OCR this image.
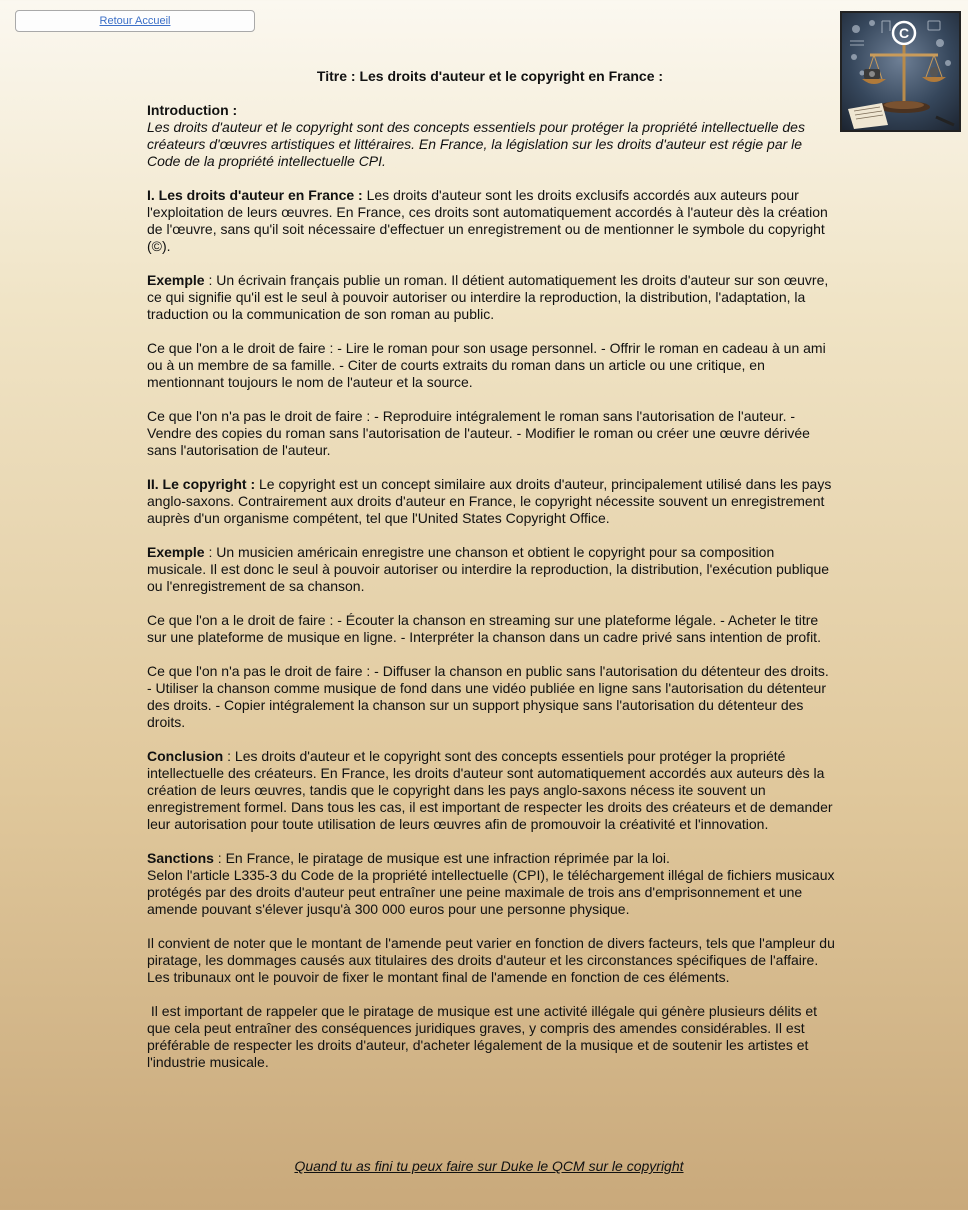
Retour Accueil
C
Titre : Les droits d'auteur et le copyright en France :

Introduction :
Les droits d'auteur et le copyright sont des concepts essentiels pour protéger la propriété intellectuelle des créateurs d'œuvres artistiques et littéraires. En France, la législation sur les droits d'auteur est régie par le Code de la propriété intellectuelle CPI.

I. Les droits d'auteur en France : Les droits d'auteur sont les droits exclusifs accordés aux auteurs pour l'exploitation de leurs œuvres. En France, ces droits sont automatiquement accordés à l'auteur dès la création de l'œuvre, sans qu'il soit nécessaire d'effectuer un enregistrement ou de mentionner le symbole du copyright (©).

Exemple : Un écrivain français publie un roman. Il détient automatiquement les droits d'auteur sur son œuvre, ce qui signifie qu'il est le seul à pouvoir autoriser ou interdire la reproduction, la distribution, l'adaptation, la traduction ou la communication de son roman au public.

Ce que l'on a le droit de faire : - Lire le roman pour son usage personnel. - Offrir le roman en cadeau à un ami ou à un membre de sa famille. - Citer de courts extraits du roman dans un article ou une critique, en mentionnant toujours le nom de l'auteur et la source.

Ce que l'on n'a pas le droit de faire : - Reproduire intégralement le roman sans l'autorisation de l'auteur. - Vendre des copies du roman sans l'autorisation de l'auteur. - Modifier le roman ou créer une œuvre dérivée sans l'autorisation de l'auteur.

II. Le copyright : Le copyright est un concept similaire aux droits d'auteur, principalement utilisé dans les pays anglo-saxons. Contrairement aux droits d'auteur en France, le copyright nécessite souvent un enregistrement auprès d'un organisme compétent, tel que l'United States Copyright Office.

Exemple : Un musicien américain enregistre une chanson et obtient le copyright pour sa composition musicale. Il est donc le seul à pouvoir autoriser ou interdire la reproduction, la distribution, l'exécution publique ou l'enregistrement de sa chanson.

Ce que l'on a le droit de faire : - Écouter la chanson en streaming sur une plateforme légale. - Acheter le titre sur une plateforme de musique en ligne. - Interpréter la chanson dans un cadre privé sans intention de profit.

Ce que l'on n'a pas le droit de faire : - Diffuser la chanson en public sans l'autorisation du détenteur des droits. - Utiliser la chanson comme musique de fond dans une vidéo publiée en ligne sans l'autorisation du détenteur des droits. - Copier intégralement la chanson sur un support physique sans l'autorisation du détenteur des droits.

Conclusion : Les droits d'auteur et le copyright sont des concepts essentiels pour protéger la propriété intellectuelle des créateurs. En France, les droits d'auteur sont automatiquement accordés aux auteurs dès la création de leurs œuvres, tandis que le copyright dans les pays anglo-saxons nécess ite souvent un enregistrement formel. Dans tous les cas, il est important de respecter les droits des créateurs et de demander leur autorisation pour toute utilisation de leurs œuvres afin de promouvoir la créativité et l'innovation.

Sanctions : En France, le piratage de musique est une infraction réprimée par la loi.
Selon l'article L335-3 du Code de la propriété intellectuelle (CPI), le téléchargement illégal de fichiers musicaux protégés par des droits d'auteur peut entraîner une peine maximale de trois ans d'emprisonnement et une amende pouvant s'élever jusqu'à 300 000 euros pour une personne physique.

Il convient de noter que le montant de l'amende peut varier en fonction de divers facteurs, tels que l'ampleur du piratage, les dommages causés aux titulaires des droits d'auteur et les circonstances spécifiques de l'affaire. Les tribunaux ont le pouvoir de fixer le montant final de l'amende en fonction de ces éléments.

Il est important de rappeler que le piratage de musique est une activité illégale qui génère plusieurs délits et que cela peut entraîner des conséquences juridiques graves, y compris des amendes considérables. Il est préférable de respecter les droits d'auteur, d'acheter légalement de la musique et de soutenir les artistes et l'industrie musicale.

Quand tu as fini tu peux faire sur Duke le QCM sur le copyright
